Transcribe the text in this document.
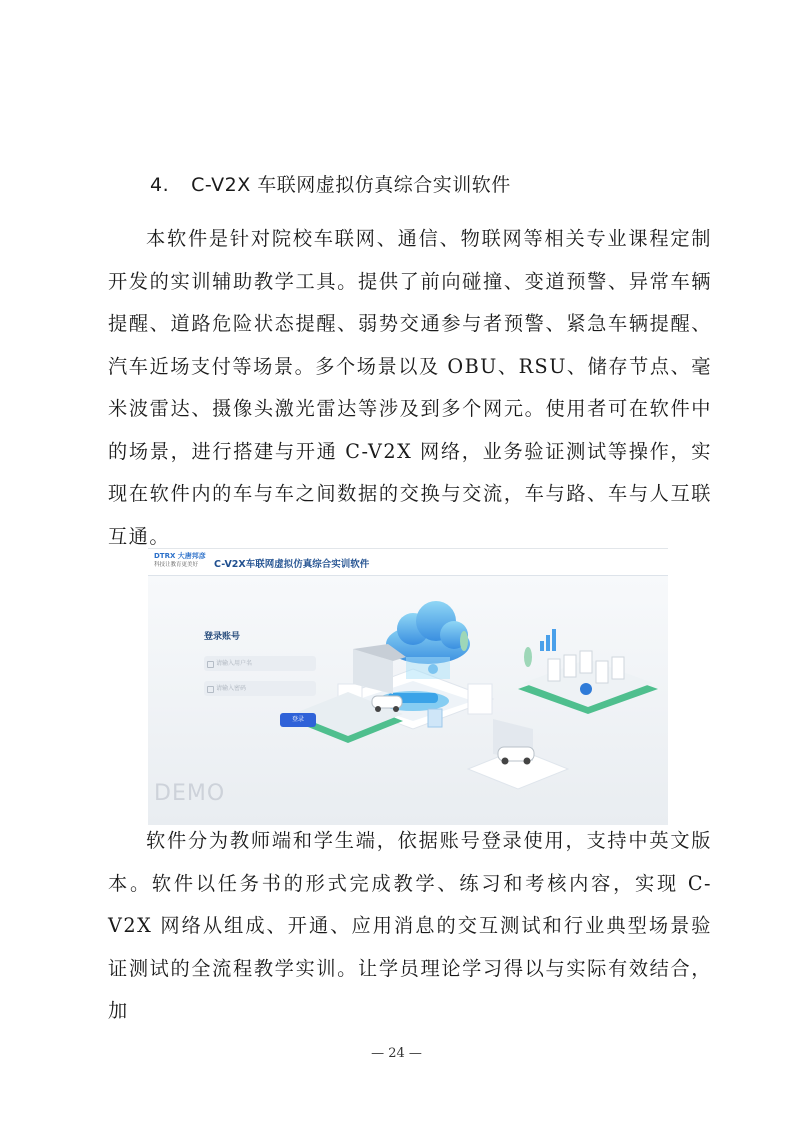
4. C-V2X 车联网虚拟仿真综合实训软件

本软件是针对院校车联网、通信、物联网等相关专业课程定制开发的实训辅助教学工具。提供了前向碰撞、变道预警、异常车辆提醒、道路危险状态提醒、弱势交通参与者预警、紧急车辆提醒、汽车近场支付等场景。多个场景以及 OBU、RSU、储存节点、毫米波雷达、摄像头激光雷达等涉及到多个网元。使用者可在软件中的场景，进行搭建与开通 C-V2X 网络，业务验证测试等操作，实现在软件内的车与车之间数据的交换与交流，车与路、车与人互联互通。

DTRX 大唐邦彦
科技让教育更美好	C-V2X车联网虚拟仿真综合实训软件
登录账号
请输入用户名
请输入密码
登录
DEMO

软件分为教师端和学生端，依据账号登录使用，支持中英文版本。软件以任务书的形式完成教学、练习和考核内容，实现 C-V2X 网络从组成、开通、应用消息的交互测试和行业典型场景验证测试的全流程教学实训。让学员理论学习得以与实际有效结合，加

— 24 —
